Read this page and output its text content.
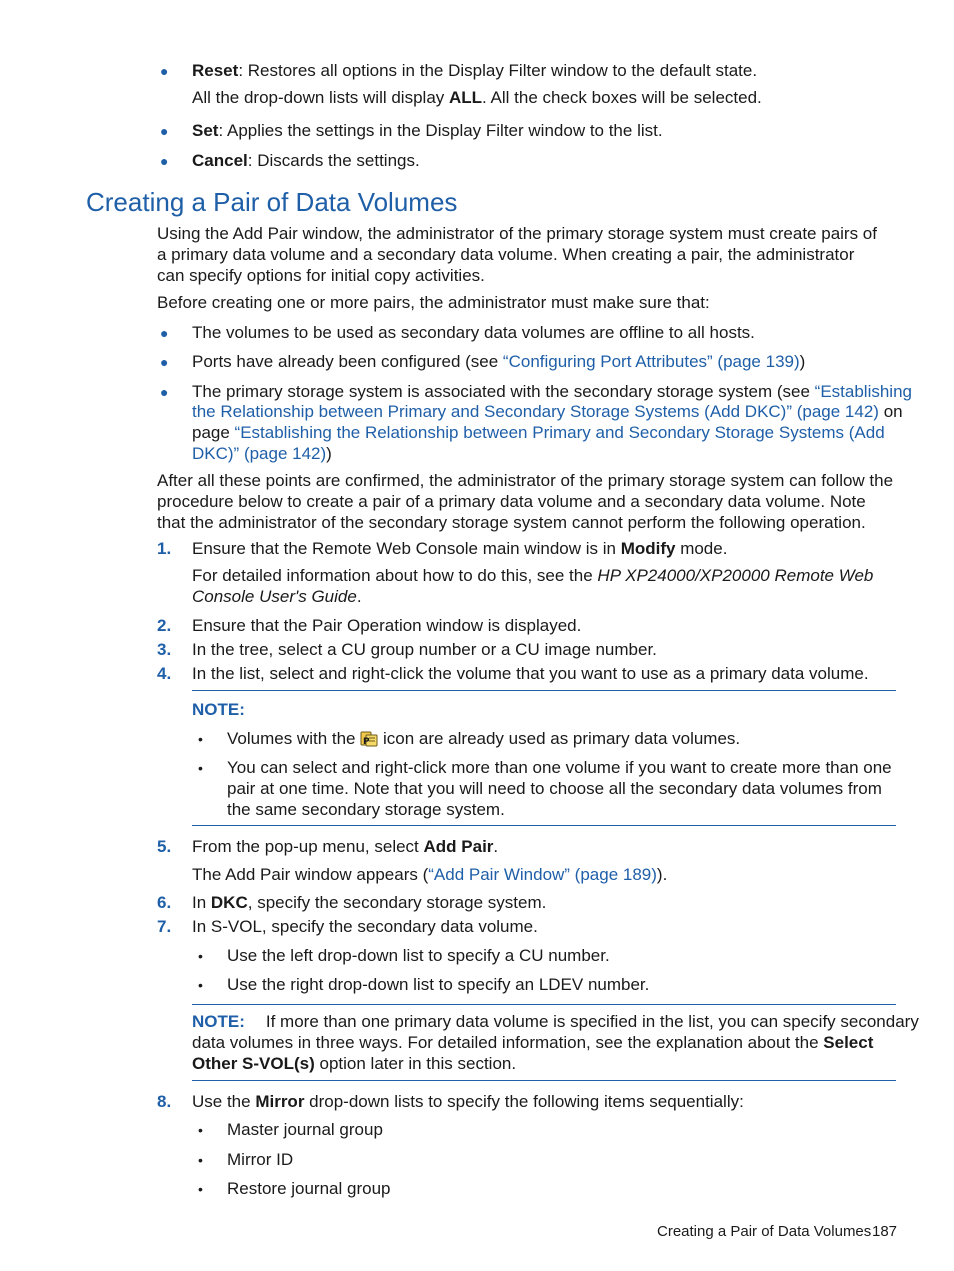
● Reset: Restores all options in the Display Filter window to the default state.
All the drop-down lists will display ALL. All the check boxes will be selected.
● Set: Applies the settings in the Display Filter window to the list.
● Cancel: Discards the settings.
Creating a Pair of Data Volumes
Using the Add Pair window, the administrator of the primary storage system must create pairs of
a primary data volume and a secondary data volume. When creating a pair, the administrator
can specify options for initial copy activities.
Before creating one or more pairs, the administrator must make sure that:
● The volumes to be used as secondary data volumes are offline to all hosts.
● Ports have already been configured (see “Configuring Port Attributes” (page 139))
● The primary storage system is associated with the secondary storage system (see “Establishing
the Relationship between Primary and Secondary Storage Systems (Add DKC)” (page 142) on
page “Establishing the Relationship between Primary and Secondary Storage Systems (Add
DKC)” (page 142))
After all these points are confirmed, the administrator of the primary storage system can follow the
procedure below to create a pair of a primary data volume and a secondary data volume. Note
that the administrator of the secondary storage system cannot perform the following operation.
1. Ensure that the Remote Web Console main window is in Modify mode.
For detailed information about how to do this, see the HP XP24000/XP20000 Remote Web
Console User's Guide.
2. Ensure that the Pair Operation window is displayed.
3. In the tree, select a CU group number or a CU image number.
4. In the list, select and right-click the volume that you want to use as a primary data volume.
NOTE:
• Volumes with the P icon are already used as primary data volumes.
• You can select and right-click more than one volume if you want to create more than one
pair at one time. Note that you will need to choose all the secondary data volumes from
the same secondary storage system.
5. From the pop-up menu, select Add Pair.
The Add Pair window appears (“Add Pair Window” (page 189)).
6. In DKC, specify the secondary storage system.
7. In S-VOL, specify the secondary data volume.
• Use the left drop-down list to specify a CU number.
• Use the right drop-down list to specify an LDEV number.
NOTE: If more than one primary data volume is specified in the list, you can specify secondary
data volumes in three ways. For detailed information, see the explanation about the Select
Other S-VOL(s) option later in this section.
8. Use the Mirror drop-down lists to specify the following items sequentially:
• Master journal group
• Mirror ID
• Restore journal group
Creating a Pair of Data Volumes 187
